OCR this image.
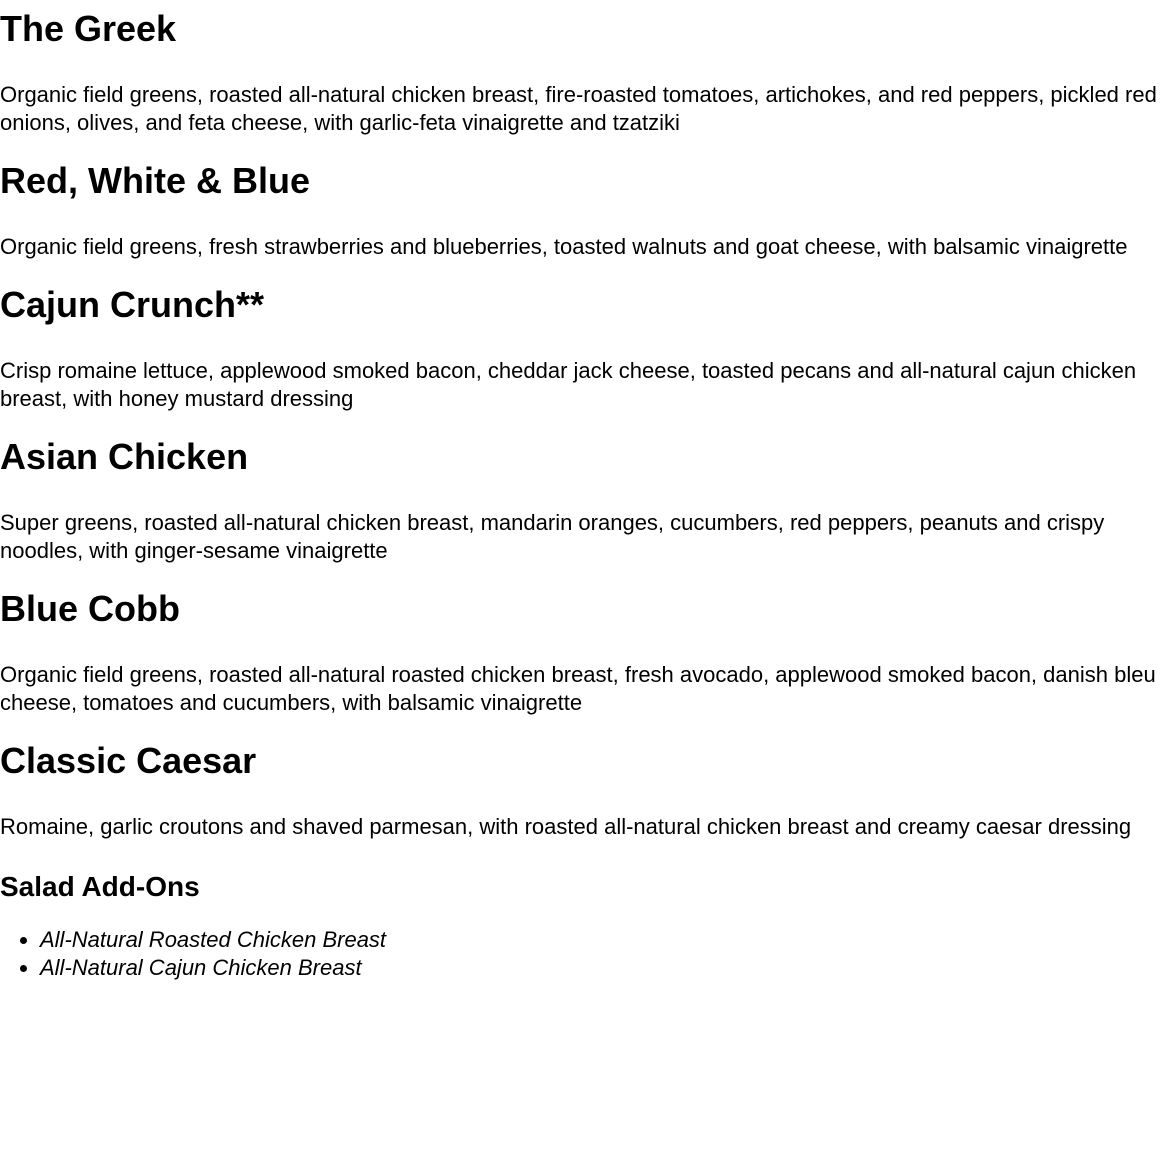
The Greek

Organic field greens, roasted all-natural chicken breast, fire-roasted tomatoes, artichokes, and red peppers, pickled red onions, olives, and feta cheese, with garlic-feta vinaigrette and tzatziki

Red, White & Blue

Organic field greens, fresh strawberries and blueberries, toasted walnuts and goat cheese, with balsamic vinaigrette

Cajun Crunch**

Crisp romaine lettuce, applewood smoked bacon, cheddar jack cheese, toasted pecans and all-natural cajun chicken breast, with honey mustard dressing

Asian Chicken

Super greens, roasted all-natural chicken breast, mandarin oranges, cucumbers, red peppers, peanuts and crispy noodles, with ginger-sesame vinaigrette

Blue Cobb

Organic field greens, roasted all-natural roasted chicken breast, fresh avocado, applewood smoked bacon, danish bleu cheese, tomatoes and cucumbers, with balsamic vinaigrette

Classic Caesar

Romaine, garlic croutons and shaved parmesan, with roasted all-natural chicken breast and creamy caesar dressing

Salad Add-Ons
• All-Natural Roasted Chicken Breast
• All-Natural Cajun Chicken Breast
